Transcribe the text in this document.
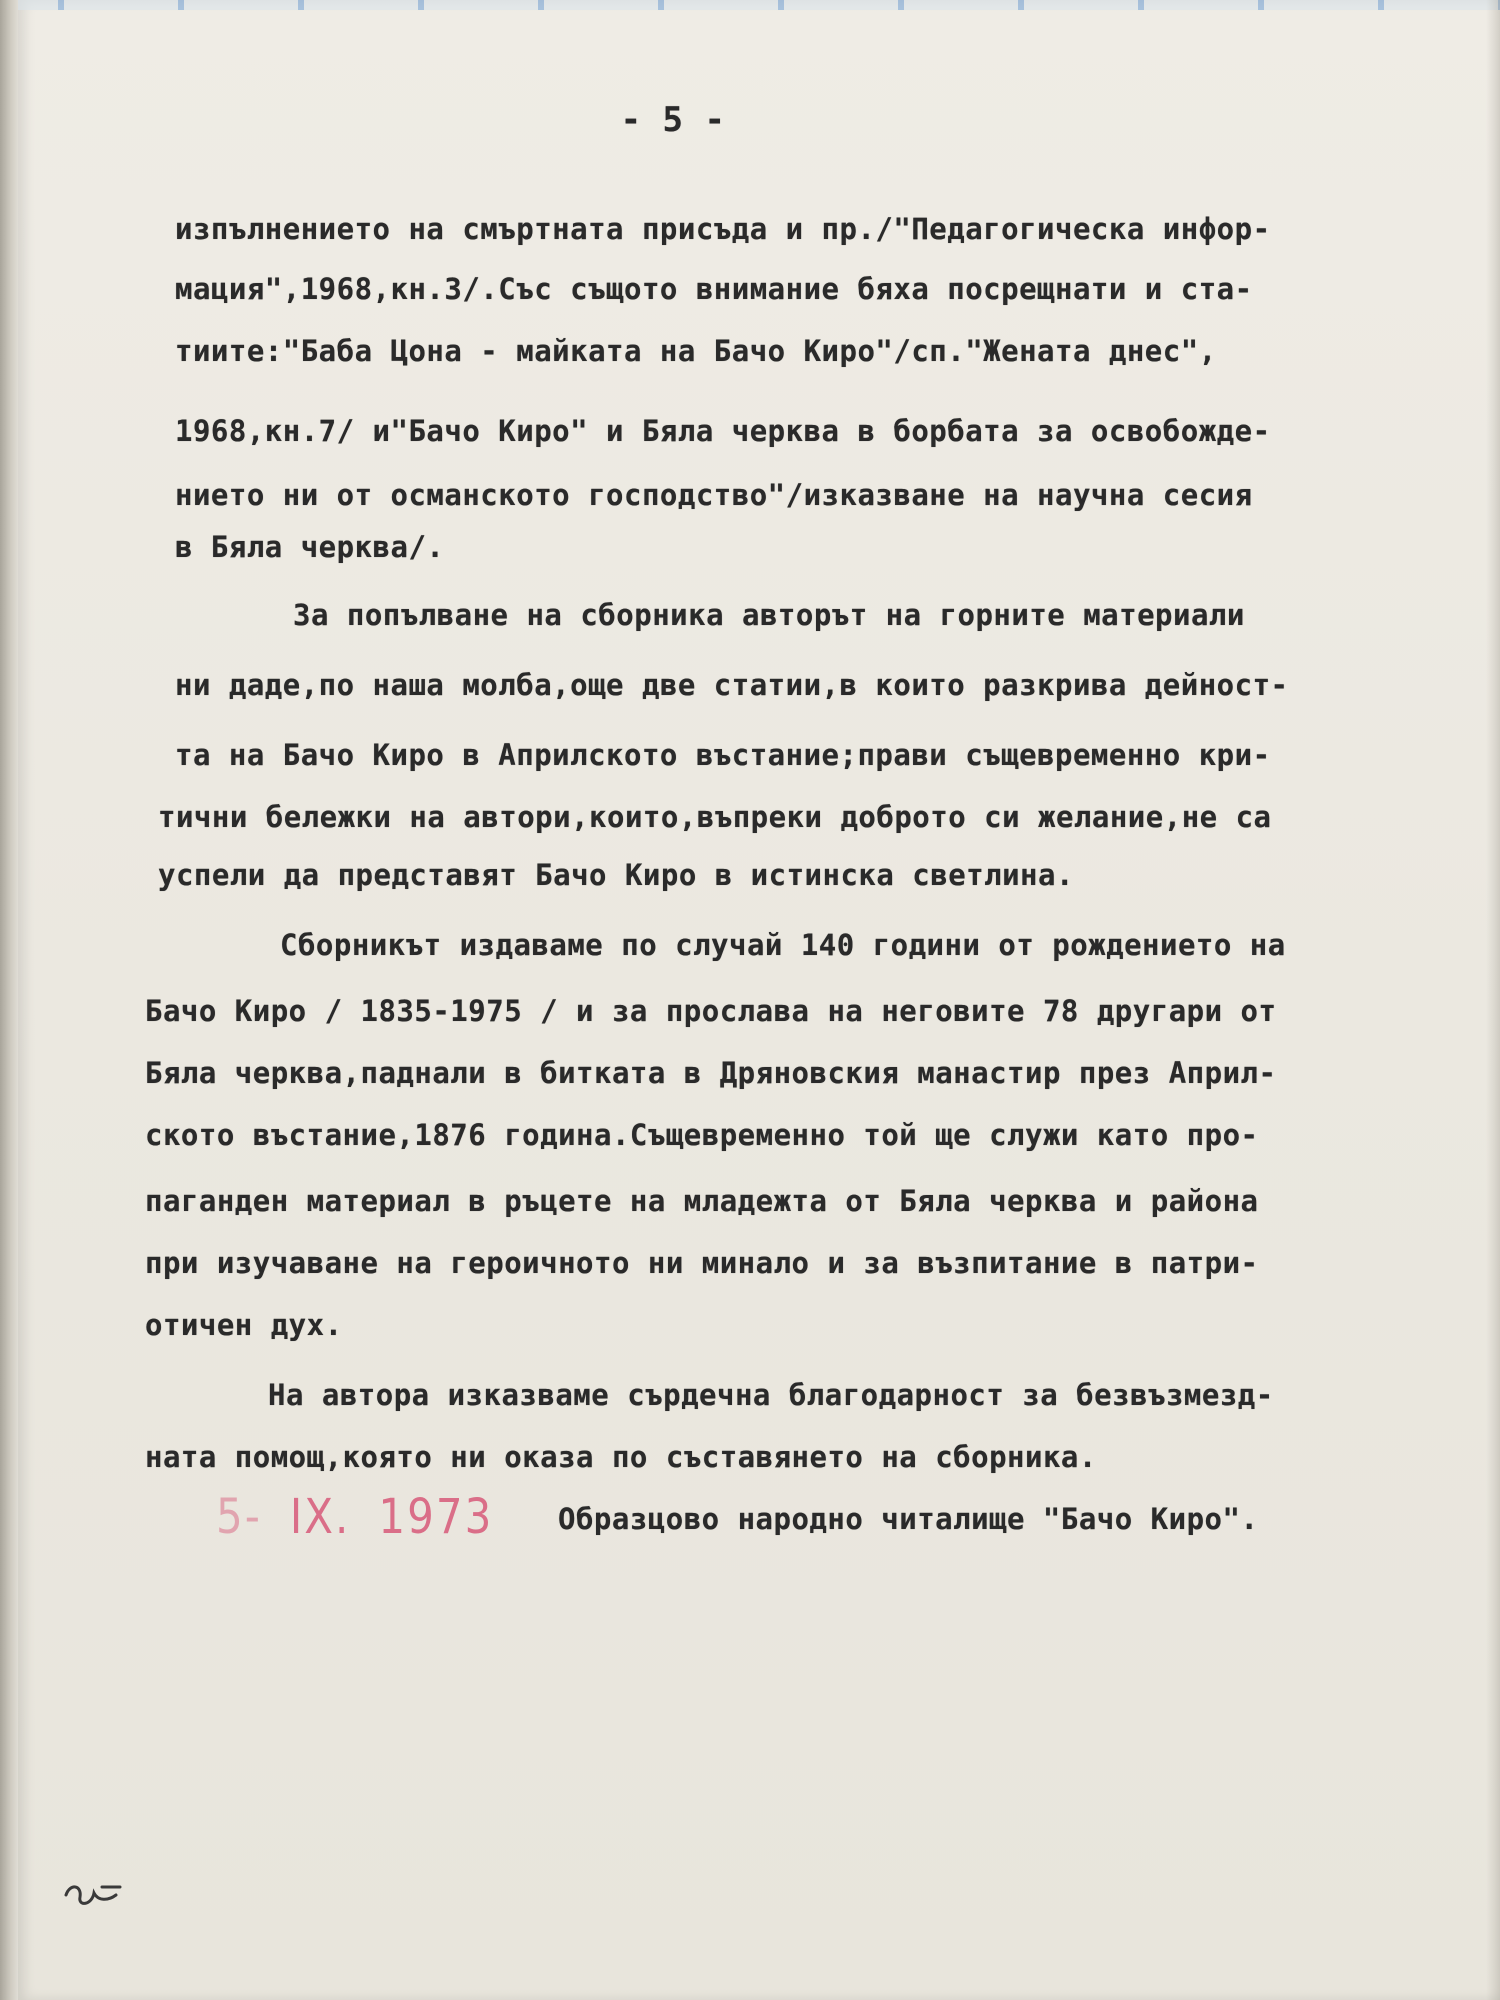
- 5 -
изпълнението на смъртната присъда и пр./"Педагогическа инфор-
мация",1968,кн.3/.Със същото внимание бяха посрещнати и ста-
тиите:"Баба Цона - майката на Бачо Киро"/сп."Жената днес",
1968,кн.7/ и"Бачо Киро" и Бяла черква в борбата за освобожде-
нието ни от османското господство"/изказване на научна сесия
в Бяла черква/.
За попълване на сборника авторът на горните материали
ни даде,по наша молба,още две статии,в които разкрива дейност-
та на Бачо Киро в Априлското въстание;прави същевременно кри-
тични бележки на автори,които,въпреки доброто си желание,не са
успели да представят Бачо Киро в истинска светлина.
Сборникът издаваме по случай 140 години от рождението на
Бачо Киро / 1835-1975 / и за прослава на неговите 78 другари от
Бяла черква,паднали в битката в Дряновския манастир през Април-
ското въстание,1876 година.Същевременно той ще служи като про-
паганден материал в ръцете на младежта от Бяла черква и района
при изучаване на героичното ни минало и за възпитание в патри-
отичен дух.
На автора изказваме сърдечна благодарност за безвъзмезд-
ната помощ,която ни оказа по съставянето на сборника.
5- IX. 1973 Образцово народно читалище "Бачо Киро".
